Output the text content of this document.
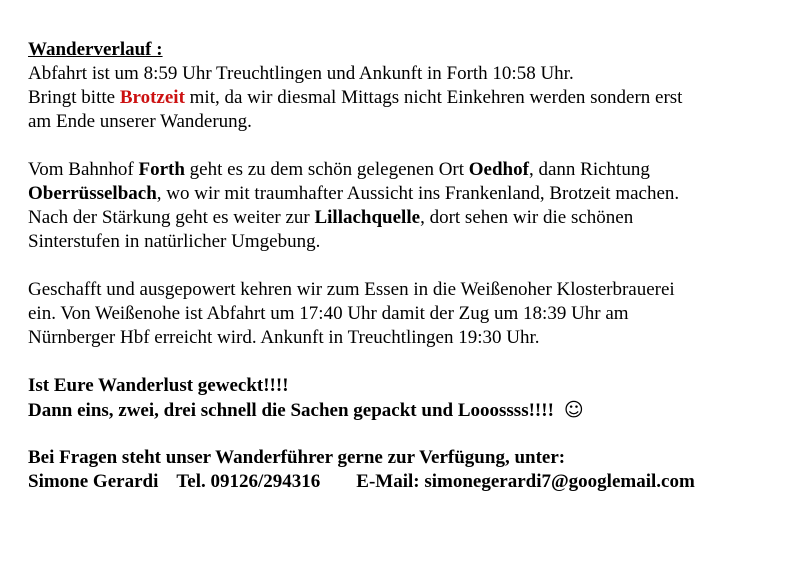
Wanderverlauf :
Abfahrt ist um 8:59 Uhr Treuchtlingen und Ankunft in Forth 10:58 Uhr.
Bringt bitte Brotzeit mit, da wir diesmal Mittags nicht Einkehren werden sondern erst
am Ende unserer Wanderung.
Vom Bahnhof Forth geht es zu dem schön gelegenen Ort Oedhof, dann Richtung
Oberrüsselbach, wo wir mit traumhafter Aussicht ins Frankenland, Brotzeit machen.
Nach der Stärkung geht es weiter zur Lillachquelle, dort sehen wir die schönen
Sinterstufen in natürlicher Umgebung.
Geschafft und ausgepowert kehren wir zum Essen in die Weißenoher Klosterbrauerei
ein. Von Weißenohe ist Abfahrt um 17:40 Uhr damit der Zug um 18:39 Uhr am
Nürnberger Hbf erreicht wird. Ankunft in Treuchtlingen 19:30 Uhr.
Ist Eure Wanderlust geweckt!!!!
Dann eins, zwei, drei schnell die Sachen gepackt und Looossss!!!! ☺
Bei Fragen steht unser Wanderführer gerne zur Verfügung, unter:
Simone Gerardi Tel. 09126/294316 E-Mail: simonegerardi7@googlemail.com
